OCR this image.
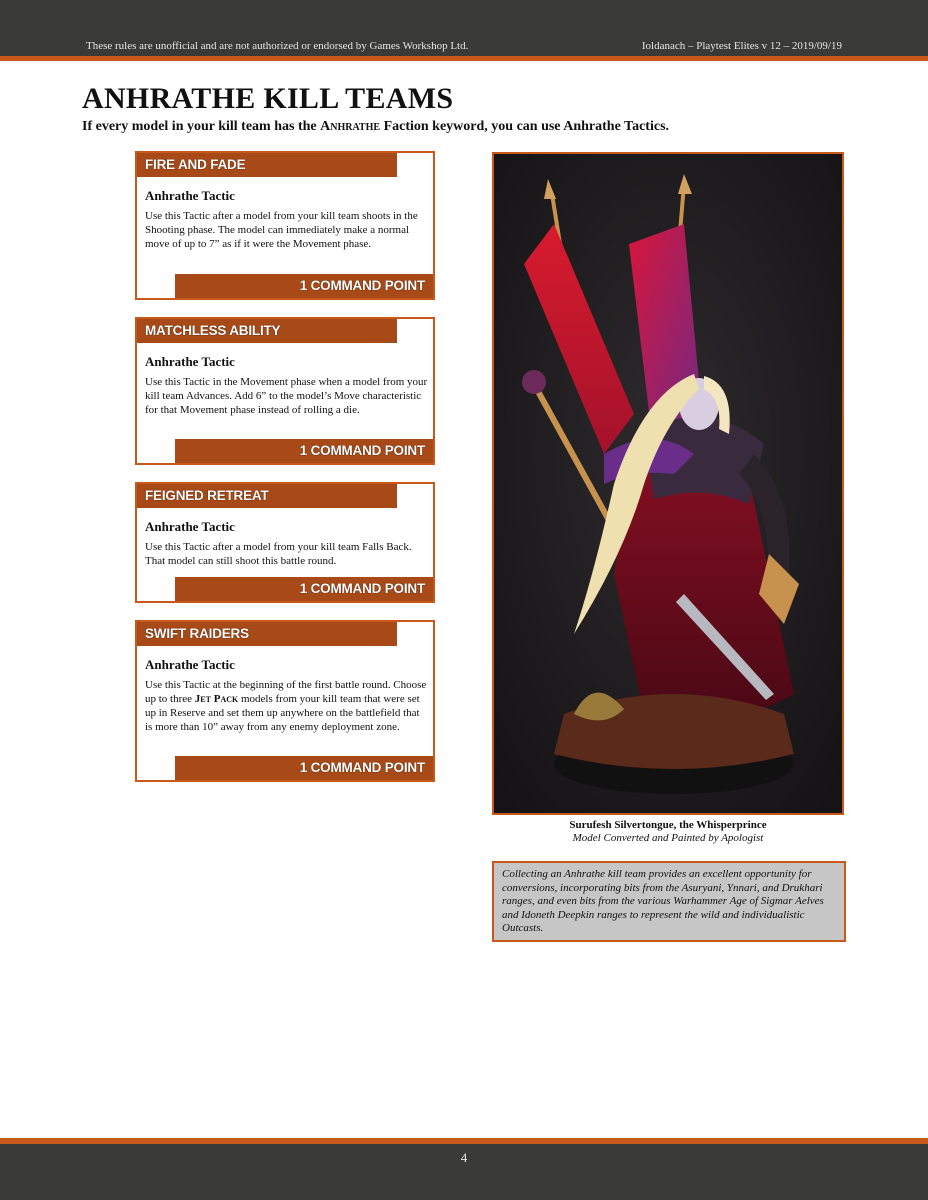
These rules are unofficial and are not authorized or endorsed by Games Workshop Ltd.	Ioldanach – Playtest Elites v 12 – 2019/09/19
ANHRATHE KILL TEAMS

If every model in your kill team has the Anhrathe Faction keyword, you can use Anhrathe Tactics.

FIRE AND FADE
Anhrathe Tactic
Use this Tactic after a model from your kill team shoots in the Shooting phase. The model can immediately make a normal move of up to 7” as if it were the Movement phase.
1 COMMAND POINT
MATCHLESS ABILITY
Anhrathe Tactic
Use this Tactic in the Movement phase when a model from your kill team Advances. Add 6” to the model’s Move characteristic for that Movement phase instead of rolling a die.
1 COMMAND POINT
FEIGNED RETREAT
Anhrathe Tactic
Use this Tactic after a model from your kill team Falls Back. That model can still shoot this battle round.
1 COMMAND POINT
SWIFT RAIDERS
Anhrathe Tactic
Use this Tactic at the beginning of the first battle round. Choose up to three Jet Pack models from your kill team that were set up in Reserve and set them up anywhere on the battlefield that is more than 10” away from any enemy deployment zone.
1 COMMAND POINT
Surufesh Silvertongue, the Whisperprince
Model Converted and Painted by Apologist
Collecting an Anhrathe kill team provides an excellent opportunity for conversions, incorporating bits from the Asuryani, Ynnari, and Drukhari ranges, and even bits from the various Warhammer Age of Sigmar Aelves and Idoneth Deepkin ranges to represent the wild and individualistic Outcasts.
4
